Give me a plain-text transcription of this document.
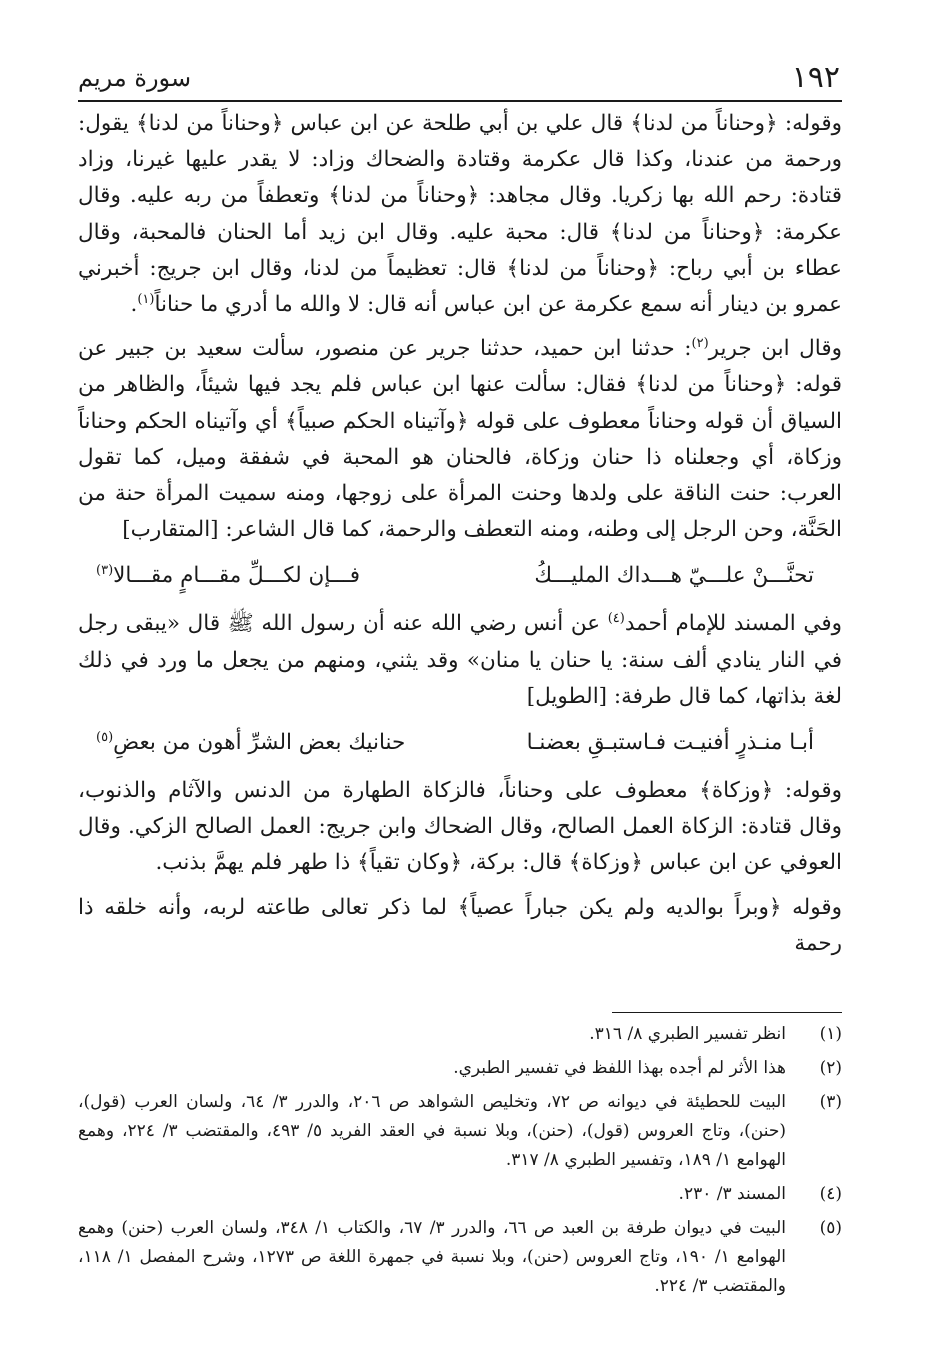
١٩٢
سورة مريم

وقوله: ﴿وحناناً من لدنا﴾ قال علي بن أبي طلحة عن ابن عباس ﴿وحناناً من لدنا﴾ يقول: ورحمة من عندنا، وكذا قال عكرمة وقتادة والضحاك وزاد: لا يقدر عليها غيرنا، وزاد قتادة: رحم الله بها زكريا. وقال مجاهد: ﴿وحناناً من لدنا﴾ وتعطفاً من ربه عليه. وقال عكرمة: ﴿وحناناً من لدنا﴾ قال: محبة عليه. وقال ابن زيد أما الحنان فالمحبة، وقال عطاء بن أبي رباح: ﴿وحناناً من لدنا﴾ قال: تعظيماً من لدنا، وقال ابن جريج: أخبرني عمرو بن دينار أنه سمع عكرمة عن ابن عباس أنه قال: لا والله ما أدري ما حناناً$^{(١)}$.

وقال ابن جرير$^{(٢)}$: حدثنا ابن حميد، حدثنا جرير عن منصور، سألت سعيد بن جبير عن قوله: ﴿وحناناً من لدنا﴾ فقال: سألت عنها ابن عباس فلم يجد فيها شيئاً، والظاهر من السياق أن قوله وحناناً معطوف على قوله ﴿وآتيناه الحكم صبياً﴾ أي وآتيناه الحكم وحناناً وزكاة، أي وجعلناه ذا حنان وزكاة، فالحنان هو المحبة في شفقة وميل، كما تقول العرب: حنت الناقة على ولدها وحنت المرأة على زوجها، ومنه سميت المرأة حنة من الحَنَّة، وحن الرجل إلى وطنه، ومنه التعطف والرحمة، كما قال الشاعر: [المتقارب]

تحنَّـــنْ علـــيّ هـــداك المليـــكُ
فـــإن لكـــلِّ مقـــامٍ مقـــالا$^{(٣)}$

وفي المسند للإمام أحمد$^{(٤)}$ عن أنس رضي الله عنه أن رسول الله ﷺ قال «يبقى رجل في النار ينادي ألف سنة: يا حنان يا منان» وقد يثني، ومنهم من يجعل ما ورد في ذلك لغة بذاتها، كما قال طرفة: [الطويل]

أبـا منـذرٍ أفنيـت فـاستبـقِ بعضنـا
حنانيك بعض الشرِّ أهون من بعضِ$^{(٥)}$

وقوله: ﴿وزكاة﴾ معطوف على وحناناً، فالزكاة الطهارة من الدنس والآثام والذنوب، وقال قتادة: الزكاة العمل الصالح، وقال الضحاك وابن جريج: العمل الصالح الزكي. وقال العوفي عن ابن عباس ﴿وزكاة﴾ قال: بركة، ﴿وكان تقياً﴾ ذا طهر فلم يهمَّ بذنب.

وقوله ﴿وبراً بوالديه ولم يكن جباراً عصياً﴾ لما ذكر تعالى طاعته لربه، وأنه خلقه ذا رحمة

(١)
انظر تفسير الطبري ٨/ ٣١٦.
(٢)
هذا الأثر لم أجده بهذا اللفظ في تفسير الطبري.
(٣)
البيت للحطيئة في ديوانه ص ٧٢، وتخليص الشواهد ص ٢٠٦، والدرر ٣/ ٦٤، ولسان العرب (قول)، (حنن)، وتاج العروس (قول)، (حنن)، وبلا نسبة في العقد الفريد ٥/ ٤٩٣، والمقتضب ٣/ ٢٢٤، وهمع الهوامع ١/ ١٨٩، وتفسير الطبري ٨/ ٣١٧.
(٤)
المسند ٣/ ٢٣٠.
(٥)
البيت في ديوان طرفة بن العبد ص ٦٦، والدرر ٣/ ٦٧، والكتاب ١/ ٣٤٨، ولسان العرب (حنن) وهمع الهوامع ١/ ١٩٠، وتاج العروس (حنن)، وبلا نسبة في جمهرة اللغة ص ١٢٧٣، وشرح المفصل ١/ ١١٨، والمقتضب ٣/ ٢٢٤.
